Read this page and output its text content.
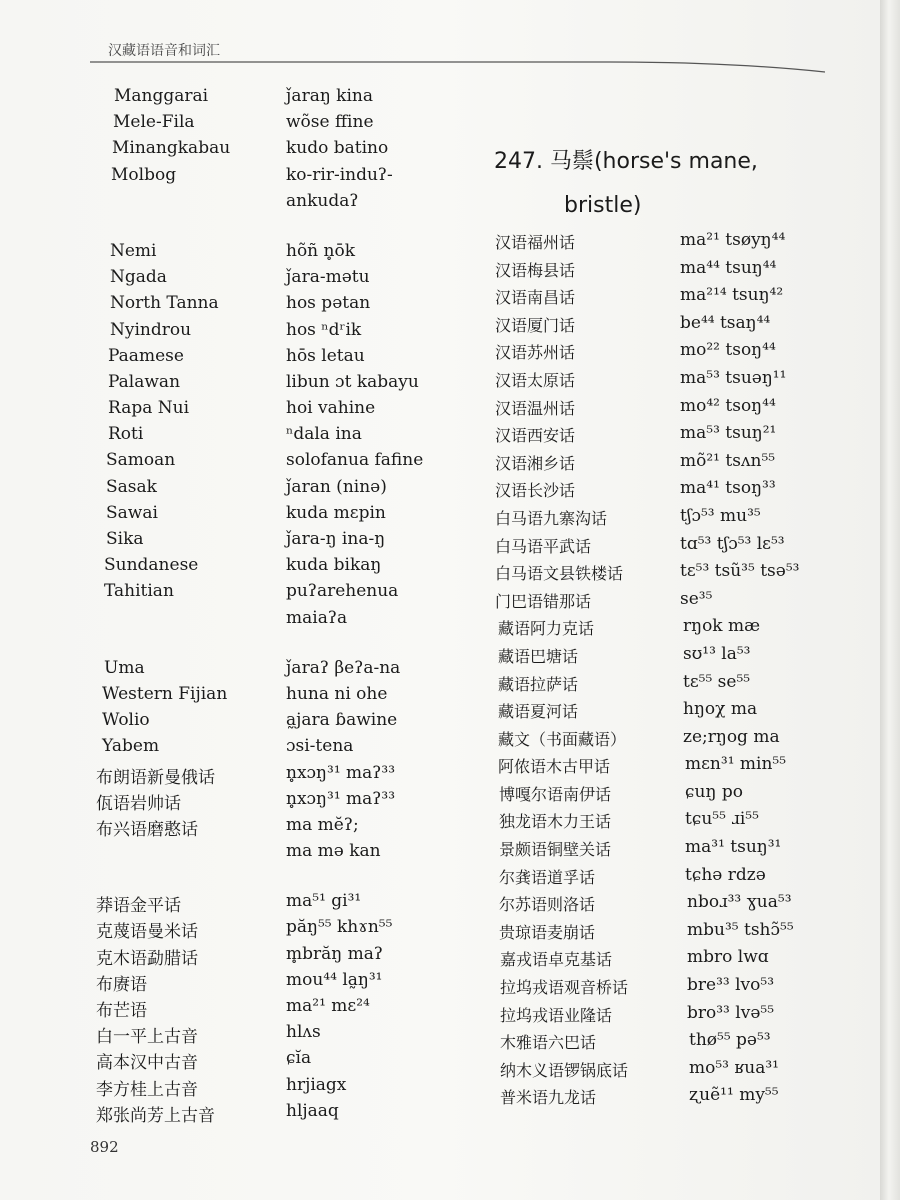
汉藏语语音和词汇
Manggarai	ǰaraŋ kina
Mele-Fila	wõse ffine
Minangkabau	kudo batino
Molbog	ko-rir-induʔ-
ankudaʔ
Nemi	hõñ n̥ōk
Ngada	ǰara-mətu
North Tanna	hos pətan
Nyindrou	hos ⁿdʳik
Paamese	hōs letau
Palawan	libun ɔt kabayu
Rapa Nui	hoi vahine
Roti	ⁿdala ina
Samoan	solofanua fafine
Sasak	ǰaran (ninə)
Sawai	kuda mɛpin
Sika	ǰara-ŋ ina-ŋ
Sundanese	kuda bikaŋ
Tahitian	puʔarehenua
maiaʔa
Uma	ǰaraʔ βeʔa-na
Western Fijian	huna ni ohe
Wolio	a̰jara ɓawine
Yabem	ɔsi-tena
布朗语新曼俄话	n̥xɔŋ³¹ maʔ³³
佤语岩帅话	n̥xɔŋ³¹ maʔ³³
布兴语磨憨话	ma mĕʔ;
ma mə kan
莽语金平话	ma⁵¹ gi³¹
克蔑语曼米话	păŋ⁵⁵ khɤn⁵⁵
克木语勐腊话	m̥brăŋ maʔ
布赓语	mou⁴⁴ la̰ŋ³¹
布芒语	ma²¹ mɛ²⁴
白一平上古音	hlʌs
高本汉中古音	ɕĭa
李方桂上古音	hrjiagx
郑张尚芳上古音	hljaaq
247. 马鬃(horse's mane,
bristle)
汉语福州话	ma²¹ tsøyŋ⁴⁴
汉语梅县话	ma⁴⁴ tsuŋ⁴⁴
汉语南昌话	ma²¹⁴ tsuŋ⁴²
汉语厦门话	be⁴⁴ tsaŋ⁴⁴
汉语苏州话	mo²² tsoŋ⁴⁴
汉语太原话	ma⁵³ tsuəŋ¹¹
汉语温州话	mo⁴² tsoŋ⁴⁴
汉语西安话	ma⁵³ tsuŋ²¹
汉语湘乡话	mõ²¹ tsʌn⁵⁵
汉语长沙话	ma⁴¹ tsoŋ³³
白马语九寨沟话	tʃɔ⁵³ mu³⁵
白马语平武话	tɑ⁵³ tʃɔ⁵³ lɛ⁵³
白马语文县铁楼话	tɛ⁵³ tsũ³⁵ tsə⁵³
门巴语错那话	se³⁵
藏语阿力克话	rŋok mæ
藏语巴塘话	sʊ¹³ la⁵³
藏语拉萨话	tɛ⁵⁵ se⁵⁵
藏语夏河话	hŋoχ ma
藏文（书面藏语）	ze;rŋog ma
阿侬语木古甲话	mɛn³¹ min⁵⁵
博嘎尔语南伊话	ɕuŋ po
独龙语木力王话	tɕu⁵⁵ ɹi⁵⁵
景颇语铜壁关话	ma³¹ tsuŋ³¹
尔龚语道孚话	tɕhə rdzə
尔苏语则洛话	nboɹ³³ ɣua⁵³
贵琼语麦崩话	mbu³⁵ tshɔ̃⁵⁵
嘉戎语卓克基话	mbro lwɑ
拉坞戎语观音桥话	bre³³ lvo⁵³
拉坞戎语业隆话	bro³³ lvə⁵⁵
木雅语六巴话	thø⁵⁵ pə⁵³
纳木义语锣锅底话	mo⁵³ ʁua³¹
普米语九龙话	ʐuẽ¹¹ my⁵⁵
892
